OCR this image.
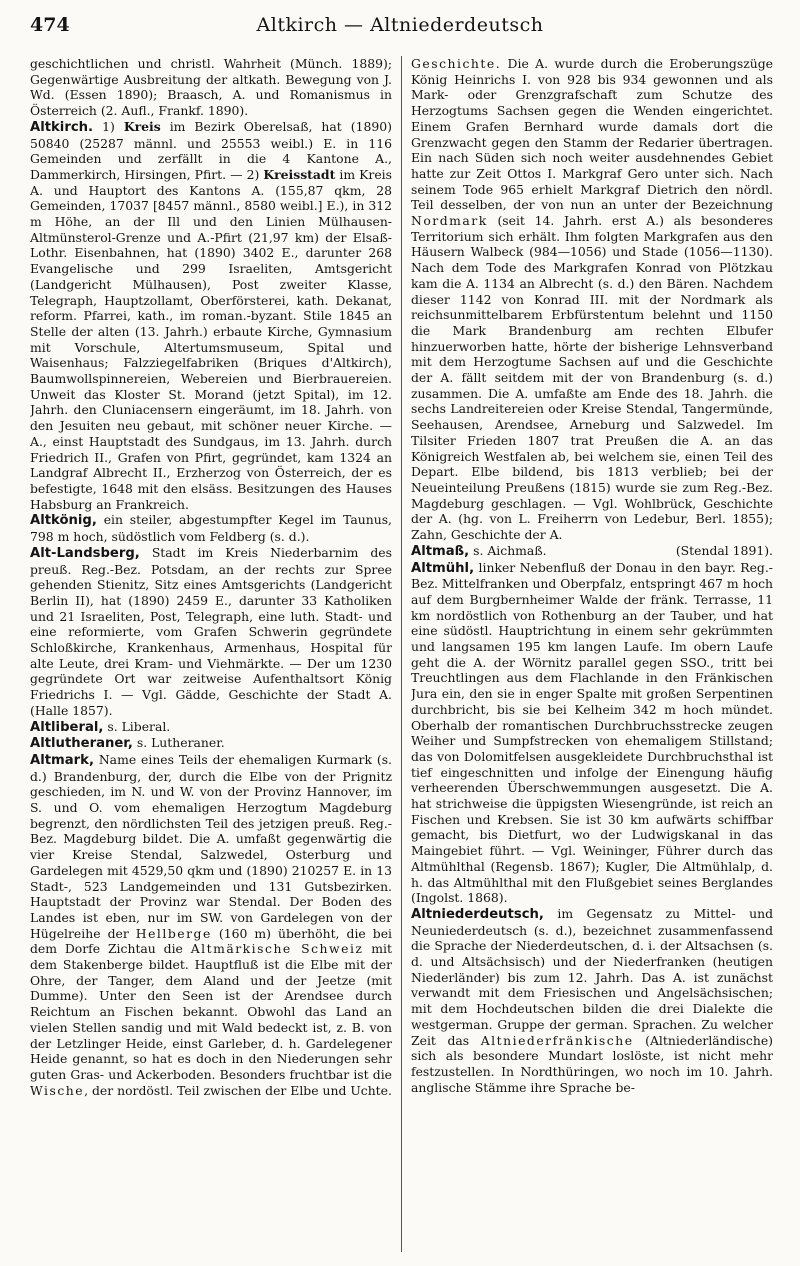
474	Altkirch — Altniederdeutsch

geschichtlichen und christl. Wahrheit (Münch. 1889); Gegenwärtige Ausbreitung der altkath. Bewegung von J. Wd. (Essen 1890); Braasch, A. und Romanismus in Österreich (2. Aufl., Frankf. 1890).

Altkirch. 1) Kreis im Bezirk Oberelsaß, hat (1890) 50840 (25287 männl. und 25553 weibl.) E. in 116 Gemeinden und zerfällt in die 4 Kantone A., Dammerkirch, Hirsingen, Pfirt. — 2) Kreisstadt im Kreis A. und Hauptort des Kantons A. (155,87 qkm, 28 Gemeinden, 17037 [8457 männl., 8580 weibl.] E.), in 312 m Höhe, an der Ill und den Linien Mülhausen-Altmünsterol-Grenze und A.-Pfirt (21,97 km) der Elsaß-Lothr. Eisenbahnen, hat (1890) 3402 E., darunter 268 Evangelische und 299 Israeliten, Amtsgericht (Landgericht Mülhausen), Post zweiter Klasse, Telegraph, Hauptzollamt, Oberförsterei, kath. Dekanat, reform. Pfarrei, kath., im roman.-byzant. Stile 1845 an Stelle der alten (13. Jahrh.) erbaute Kirche, Gymnasium mit Vorschule, Altertumsmuseum, Spital und Waisenhaus; Falzziegelfabriken (Briques d'Altkirch), Baumwollspinnereien, Webereien und Bierbrauereien. Unweit das Kloster St. Morand (jetzt Spital), im 12. Jahrh. den Cluniacensern eingeräumt, im 18. Jahrh. von den Jesuiten neu gebaut, mit schöner neuer Kirche. — A., einst Hauptstadt des Sundgaus, im 13. Jahrh. durch Friedrich II., Grafen von Pfirt, gegründet, kam 1324 an Landgraf Albrecht II., Erzherzog von Österreich, der es befestigte, 1648 mit den elsäss. Besitzungen des Hauses Habsburg an Frankreich.

Altkönig, ein steiler, abgestumpfter Kegel im Taunus, 798 m hoch, südöstlich vom Feldberg (s. d.).

Alt-Landsberg, Stadt im Kreis Niederbarnim des preuß. Reg.-Bez. Potsdam, an der rechts zur Spree gehenden Stienitz, Sitz eines Amtsgerichts (Landgericht Berlin II), hat (1890) 2459 E., darunter 33 Katholiken und 21 Israeliten, Post, Telegraph, eine luth. Stadt- und eine reformierte, vom Grafen Schwerin gegründete Schloßkirche, Krankenhaus, Armenhaus, Hospital für alte Leute, drei Kram- und Viehmärkte. — Der um 1230 gegründete Ort war zeitweise Aufenthaltsort König Friedrichs I. — Vgl. Gädde, Geschichte der Stadt A. (Halle 1857).

Altliberal, s. Liberal.

Altlutheraner, s. Lutheraner.

Altmark, Name eines Teils der ehemaligen Kurmark (s. d.) Brandenburg, der, durch die Elbe von der Prignitz geschieden, im N. und W. von der Provinz Hannover, im S. und O. vom ehemaligen Herzogtum Magdeburg begrenzt, den nördlichsten Teil des jetzigen preuß. Reg.-Bez. Magdeburg bildet. Die A. umfaßt gegenwärtig die vier Kreise Stendal, Salzwedel, Osterburg und Gardelegen mit 4529,50 qkm und (1890) 210257 E. in 13 Stadt-, 523 Landgemeinden und 131 Gutsbezirken. Hauptstadt der Provinz war Stendal. Der Boden des Landes ist eben, nur im SW. von Gardelegen von der Hügelreihe der Hellberge (160 m) überhöht, die bei dem Dorfe Zichtau die Altmärkische Schweiz mit dem Stakenberge bildet. Hauptfluß ist die Elbe mit der Ohre, der Tanger, dem Aland und der Jeetze (mit Dumme). Unter den Seen ist der Arendsee durch Reichtum an Fischen bekannt. Obwohl das Land an vielen Stellen sandig und mit Wald bedeckt ist, z. B. von der Letzlinger Heide, einst Garleber, d. h. Gardelegener Heide genannt, so hat es doch in den Niederungen sehr guten Gras- und Ackerboden. Besonders fruchtbar ist die Wische, der nordöstl. Teil zwischen der Elbe und Uchte.

Geschichte. Die A. wurde durch die Eroberungszüge König Heinrichs I. von 928 bis 934 gewonnen und als Mark- oder Grenzgrafschaft zum Schutze des Herzogtums Sachsen gegen die Wenden eingerichtet. Einem Grafen Bernhard wurde damals dort die Grenzwacht gegen den Stamm der Redarier übertragen. Ein nach Süden sich noch weiter ausdehnendes Gebiet hatte zur Zeit Ottos I. Markgraf Gero unter sich. Nach seinem Tode 965 erhielt Markgraf Dietrich den nördl. Teil desselben, der von nun an unter der Bezeichnung Nordmark (seit 14. Jahrh. erst A.) als besonderes Territorium sich erhält. Ihm folgten Markgrafen aus den Häusern Walbeck (984—1056) und Stade (1056—1130). Nach dem Tode des Markgrafen Konrad von Plötzkau kam die A. 1134 an Albrecht (s. d.) den Bären. Nachdem dieser 1142 von Konrad III. mit der Nordmark als reichsunmittelbarem Erbfürstentum belehnt und 1150 die Mark Brandenburg am rechten Elbufer hinzuerworben hatte, hörte der bisherige Lehnsverband mit dem Herzogtume Sachsen auf und die Geschichte der A. fällt seitdem mit der von Brandenburg (s. d.) zusammen. Die A. umfaßte am Ende des 18. Jahrh. die sechs Landreitereien oder Kreise Stendal, Tangermünde, Seehausen, Arendsee, Arneburg und Salzwedel. Im Tilsiter Frieden 1807 trat Preußen die A. an das Königreich Westfalen ab, bei welchem sie, einen Teil des Depart. Elbe bildend, bis 1813 verblieb; bei der Neueinteilung Preußens (1815) wurde sie zum Reg.-Bez. Magdeburg geschlagen. — Vgl. Wohlbrück, Geschichte der A. (hg. von L. Freiherrn von Ledebur, Berl. 1855); Zahn, Geschichte der A.

Altmaß, s. Aichmaß.	(Stendal 1891).

Altmühl, linker Nebenfluß der Donau in den bayr. Reg.-Bez. Mittelfranken und Oberpfalz, entspringt 467 m hoch auf dem Burgbernheimer Walde der fränk. Terrasse, 11 km nordöstlich von Rothenburg an der Tauber, und hat eine südöstl. Hauptrichtung in einem sehr gekrümmten und langsamen 195 km langen Laufe. Im obern Laufe geht die A. der Wörnitz parallel gegen SSO., tritt bei Treuchtlingen aus dem Flachlande in den Fränkischen Jura ein, den sie in enger Spalte mit großen Serpentinen durchbricht, bis sie bei Kelheim 342 m hoch mündet. Oberhalb der romantischen Durchbruchsstrecke zeugen Weiher und Sumpfstrecken von ehemaligem Stillstand; das von Dolomitfelsen ausgekleidete Durchbruchsthal ist tief eingeschnitten und infolge der Einengung häufig verheerenden Überschwemmungen ausgesetzt. Die A. hat strichweise die üppigsten Wiesengründe, ist reich an Fischen und Krebsen. Sie ist 30 km aufwärts schiffbar gemacht, bis Dietfurt, wo der Ludwigskanal in das Maingebiet führt. — Vgl. Weininger, Führer durch das Altmühlthal (Regensb. 1867); Kugler, Die Altmühlalp, d. h. das Altmühlthal mit den Flußgebiet seines Berglandes (Ingolst. 1868).

Altniederdeutsch, im Gegensatz zu Mittel- und Neuniederdeutsch (s. d.), bezeichnet zusammenfassend die Sprache der Niederdeutschen, d. i. der Altsachsen (s. d. und Altsächsisch) und der Niederfranken (heutigen Niederländer) bis zum 12. Jahrh. Das A. ist zunächst verwandt mit dem Friesischen und Angelsächsischen; mit dem Hochdeutschen bilden die drei Dialekte die westgerman. Gruppe der german. Sprachen. Zu welcher Zeit das Altniederfränkische (Altniederländische) sich als besondere Mundart loslöste, ist nicht mehr festzustellen. In Nordthüringen, wo noch im 10. Jahrh. anglische Stämme ihre Sprache be-
